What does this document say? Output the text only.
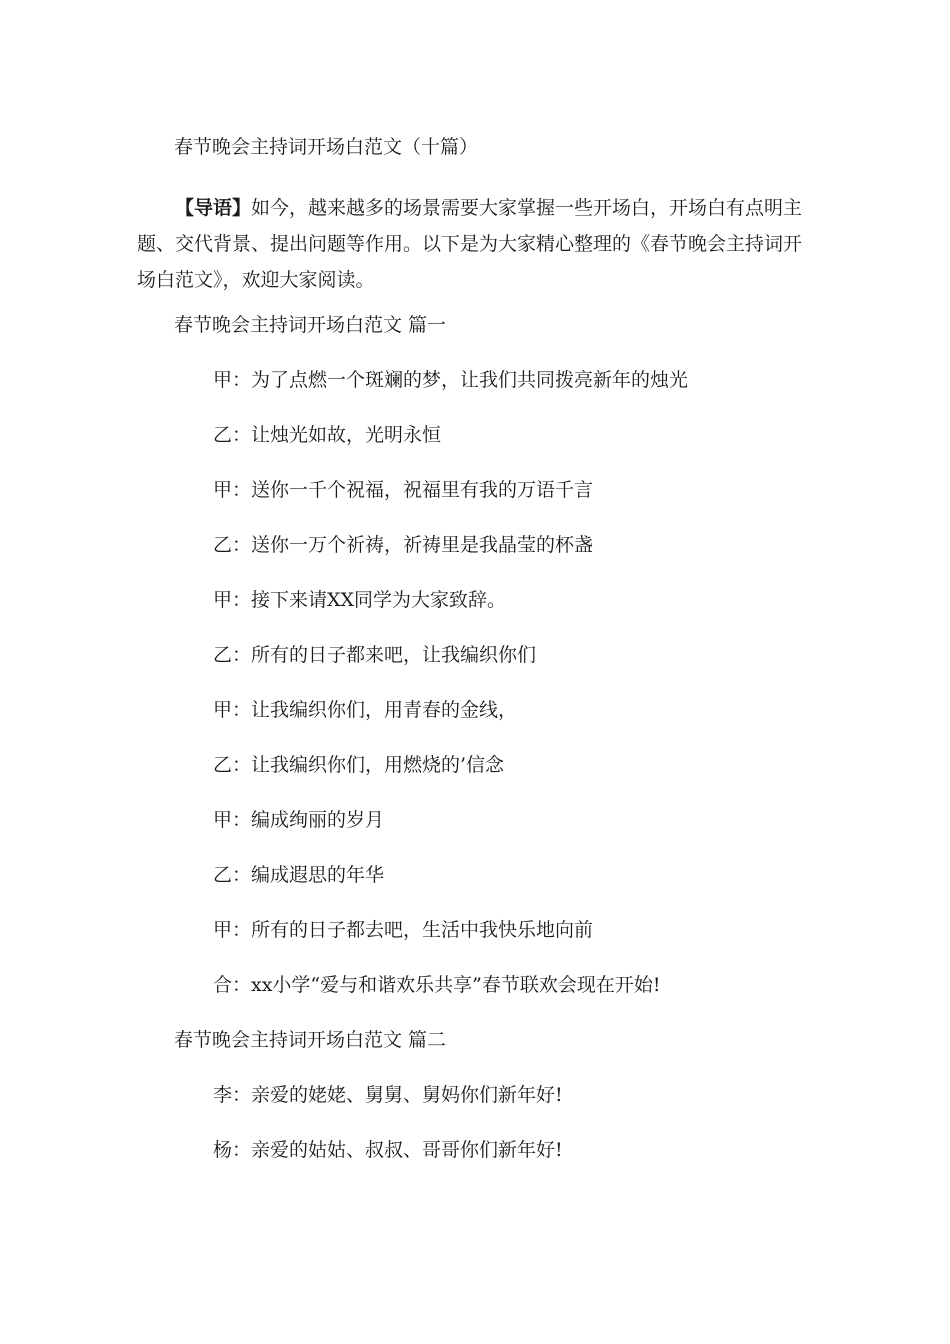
春节晚会主持词开场白范文（十篇）
【导语】如今，越来越多的场景需要大家掌握一些开场白，开场白有点明主题、交代背景、提出问题等作用。以下是为大家精心整理的《春节晚会主持词开场白范文》，欢迎大家阅读。
春节晚会主持词开场白范文 篇一
甲：为了点燃一个斑斓的梦，让我们共同拨亮新年的烛光
乙：让烛光如故，光明永恒
甲：送你一千个祝福，祝福里有我的万语千言
乙：送你一万个祈祷，祈祷里是我晶莹的杯盏
甲：接下来请XX同学为大家致辞。
乙：所有的日子都来吧，让我编织你们
甲：让我编织你们，用青春的金线，
乙：让我编织你们，用燃烧的’信念
甲：编成绚丽的岁月
乙：编成遐思的年华
甲：所有的日子都去吧，生活中我快乐地向前
合：xx小学“爱与和谐欢乐共享”春节联欢会现在开始!
春节晚会主持词开场白范文 篇二
李：亲爱的姥姥、舅舅、舅妈你们新年好!
杨：亲爱的姑姑、叔叔、哥哥你们新年好!
